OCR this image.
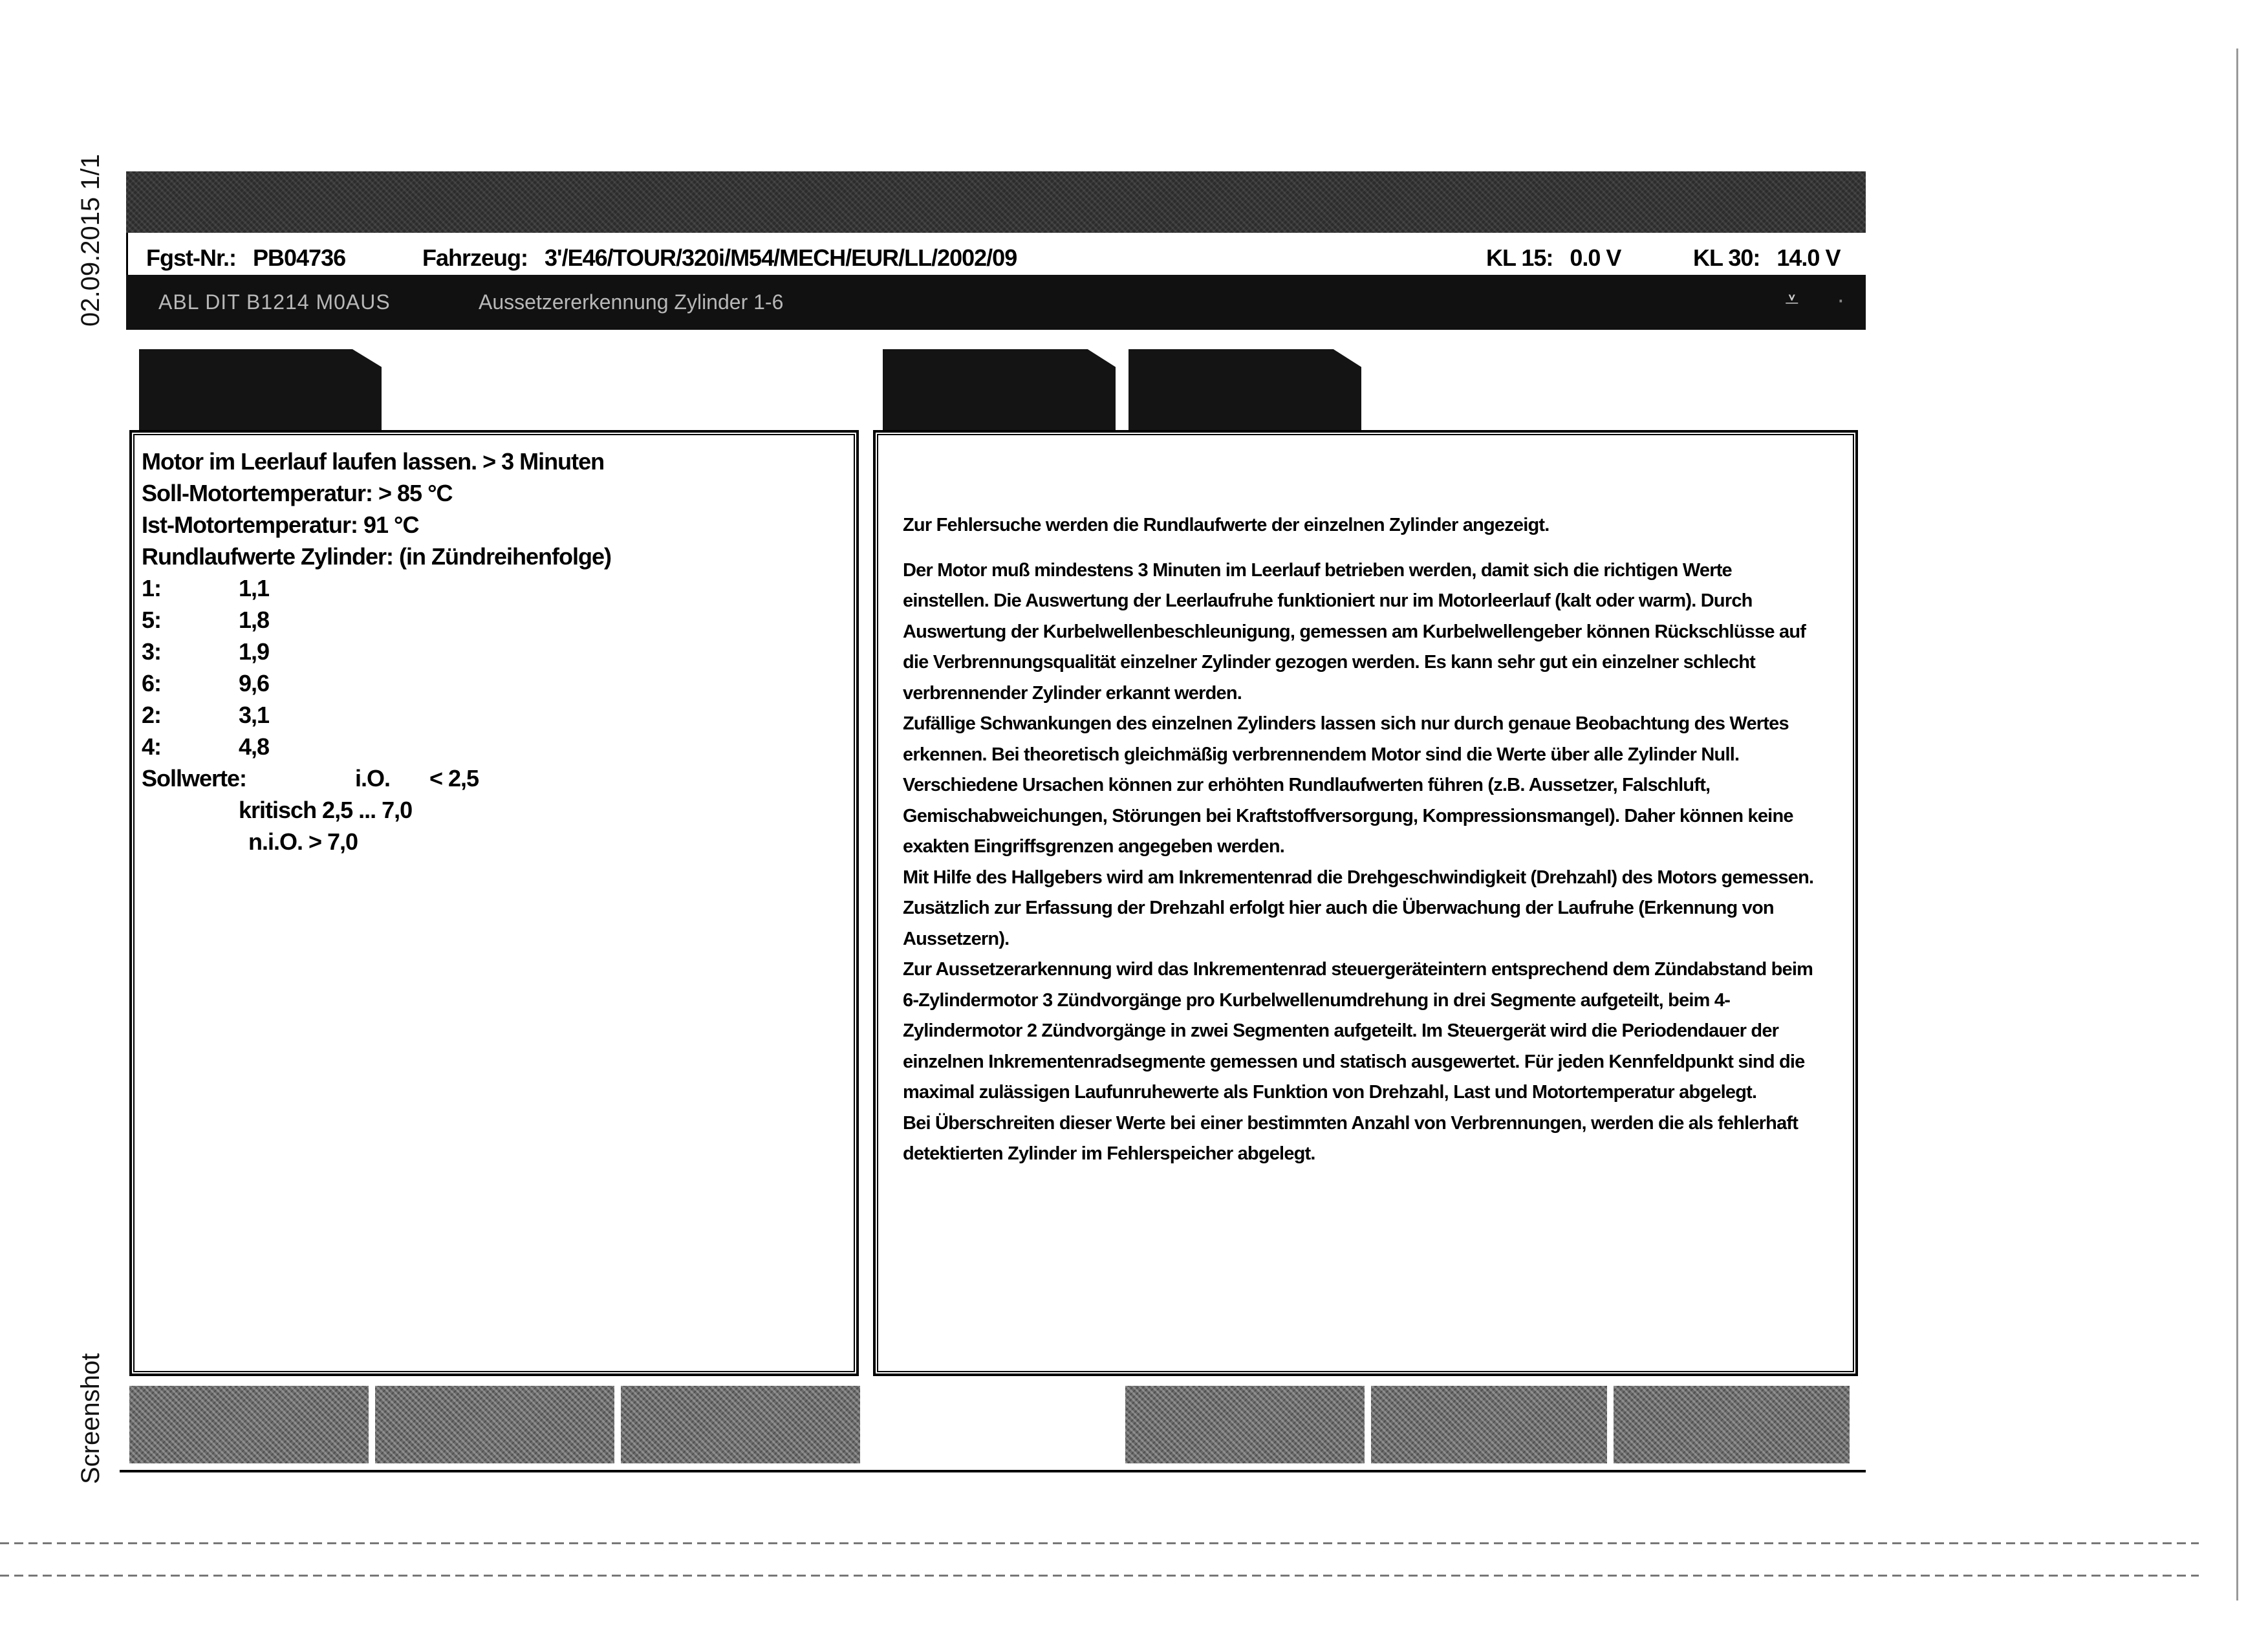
02.09.2015 1/1
Screenshot
Fgst-Nr.: PB04736	Fahrzeug: 3'/E46/TOUR/320i/M54/MECH/EUR/LL/2002/09	KL 15: 0.0 V	KL 30: 14.0 V
ABL DIT B1214 M0AUS	Aussetzererkennung Zylinder 1-6	⩡ ·
Motor im Leerlauf laufen lassen. > 3 Minuten
Soll-Motortemperatur: > 85 °C
Ist-Motortemperatur: 91 °C
Rundlaufwerte Zylinder: (in Zündreihenfolge)
1:	1,1
5:	1,8
3:	1,9
6:	9,6
2:	3,1
4:	4,8
Sollwerte:	i.O. < 2,5
kritisch 2,5 ... 7,0
n.i.O. > 7,0

Zur Fehlersuche werden die Rundlaufwerte der einzelnen Zylinder angezeigt.

Der Motor muß mindestens 3 Minuten im Leerlauf betrieben werden, damit sich die richtigen Werte einstellen. Die Auswertung der Leerlaufruhe funktioniert nur im Motorleerlauf (kalt oder warm). Durch Auswertung der Kurbelwellenbeschleunigung, gemessen am Kurbelwellengeber können Rückschlüsse auf die Verbrennungsqualität einzelner Zylinder gezogen werden. Es kann sehr gut ein einzelner schlecht verbrennender Zylinder erkannt werden.

Zufällige Schwankungen des einzelnen Zylinders lassen sich nur durch genaue Beobachtung des Wertes erkennen. Bei theoretisch gleichmäßig verbrennendem Motor sind die Werte über alle Zylinder Null.

Verschiedene Ursachen können zur erhöhten Rundlaufwerten führen (z.B. Aussetzer, Falschluft, Gemischabweichungen, Störungen bei Kraftstoffversorgung, Kompressionsmangel). Daher können keine exakten Eingriffsgrenzen angegeben werden.

Mit Hilfe des Hallgebers wird am Inkrementenrad die Drehgeschwindigkeit (Drehzahl) des Motors gemessen. Zusätzlich zur Erfassung der Drehzahl erfolgt hier auch die Überwachung der Laufruhe (Erkennung von Aussetzern).

Zur Aussetzerarkennung wird das Inkrementenrad steuergeräteintern entsprechend dem Zündabstand beim 6-Zylindermotor 3 Zündvorgänge pro Kurbelwellenumdrehung in drei Segmente aufgeteilt, beim 4-Zylindermotor 2 Zündvorgänge in zwei Segmenten aufgeteilt. Im Steuergerät wird die Periodendauer der einzelnen Inkrementenradsegmente gemessen und statisch ausgewertet. Für jeden Kennfeldpunkt sind die maximal zulässigen Laufunruhewerte als Funktion von Drehzahl, Last und Motortemperatur abgelegt.

Bei Überschreiten dieser Werte bei einer bestimmten Anzahl von Verbrennungen, werden die als fehlerhaft detektierten Zylinder im Fehlerspeicher abgelegt.
